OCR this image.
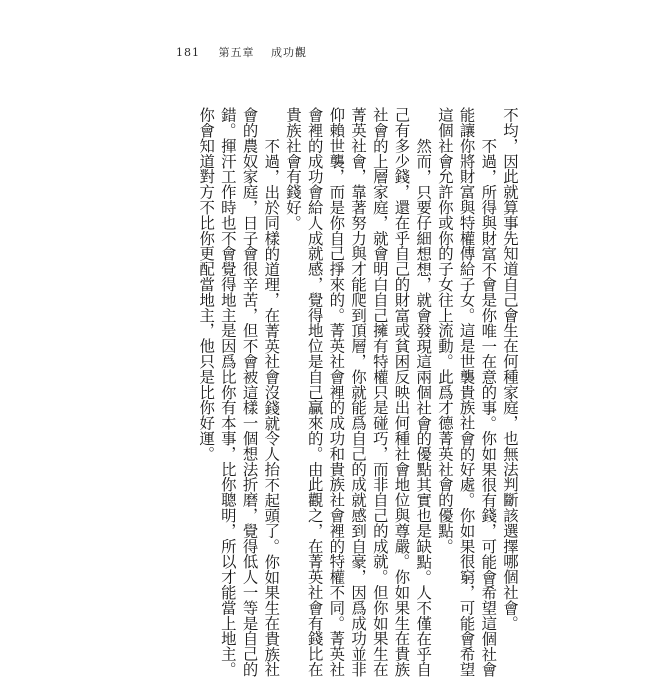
181 第五章 成功觀
不均，因此就算事先知道自己會生在何種家庭，也無法判斷該選擇哪個社會。
不過，所得與財富不會是你唯一在意的事。你如果很有錢，可能會希望這個社會
能讓你將財富與特權傳給子女。這是世襲貴族社會的好處。你如果很窮，可能會希望
這個社會允許你或你的子女往上流動。此爲才德菁英社會的優點。
然而，只要仔細想想，就會發現這兩個社會的優點其實也是缺點。人不僅在乎自
己有多少錢，還在乎自己的財富或貧困反映出何種社會地位與尊嚴。你如果生在貴族
社會的上層家庭，就會明白自己擁有特權只是碰巧，而非自己的成就。但你如果生在
菁英社會，靠著努力與才能爬到頂層，你就能爲自己的成就感到自豪，因爲成功並非
仰賴世襲，而是你自己掙來的。菁英社會裡的成功和貴族社會裡的特權不同。菁英社
會裡的成功會給人成就感，覺得地位是自己贏來的。由此觀之，在菁英社會有錢比在
貴族社會有錢好。
不過，出於同樣的道理，在菁英社會沒錢就令人抬不起頭了。你如果生在貴族社
會的農奴家庭，日子會很辛苦，但不會被這樣一個想法折磨，覺得低人一等是自己的
錯。揮汗工作時也不會覺得地主是因爲比你有本事，比你聰明，所以才能當上地主。
你會知道對方不比你更配當地主，他只是比你好運。
